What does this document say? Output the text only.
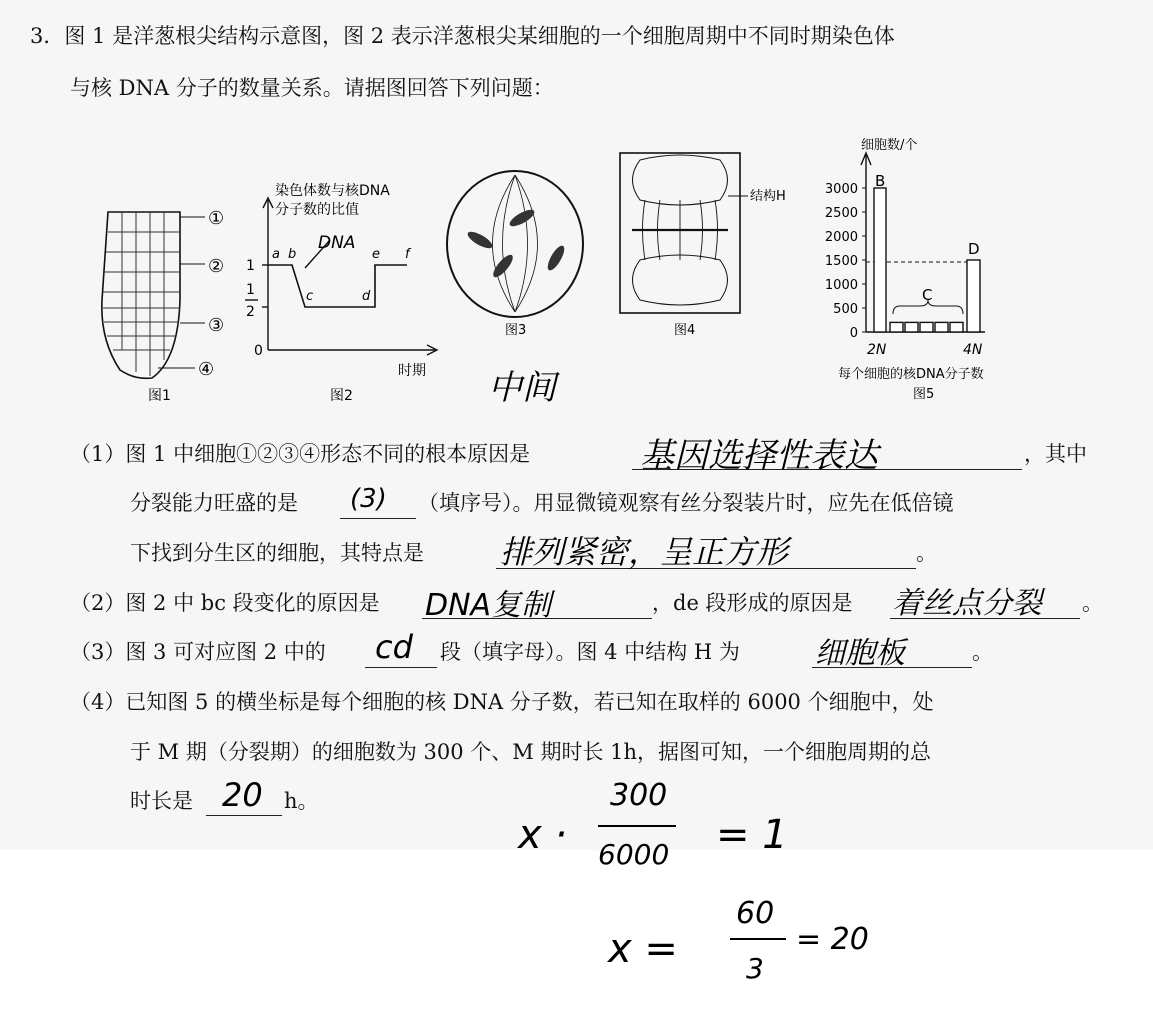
3．图 1 是洋葱根尖结构示意图，图 2 表示洋葱根尖某细胞的一个细胞周期中不同时期染色体
与核 DNA 分子的数量关系。请据图回答下列问题：
①
②
③
④
图1
染色体数与核DNA
分子数的比值
1
1
2
0
a b
c	d
e f
时期
图2
DNA
图3
结构H
图4
3000
2500
2000
1500
1000
500
0
细胞数/个
B
C
D
2N	4N
每个细胞的核DNA分子数
图5
中间
（1）图 1 中细胞①②③④形态不同的根本原因是	基因选择性表达	，其中
分裂能力旺盛的是 (3) （填序号）。用显微镜观察有丝分裂装片时，应先在低倍镜
下找到分生区的细胞，其特点是 排列紧密，呈正方形	。
（2）图 2 中 bc 段变化的原因是 DNA复制	，de 段形成的原因是 着丝点分裂 。
（3）图 3 可对应图 2 中的 cd 段（填字母）。图 4 中结构 H 为	细胞板	。
（4）已知图 5 的横坐标是每个细胞的核 DNA 分子数，若已知在取样的 6000 个细胞中，处
于 M 期（分裂期）的细胞数为 300 个、M 期时长 1h，据图可知，一个细胞周期的总
时长是 20 h。
x ·
300
6000 = 1
x =
60
3
= 20
